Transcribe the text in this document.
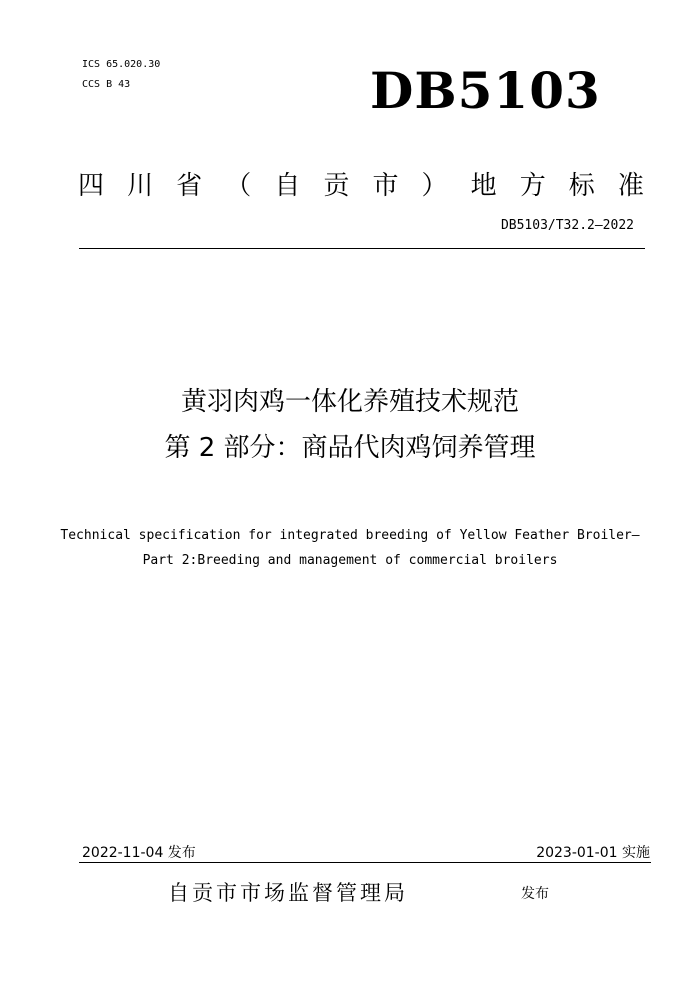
ICS 65.020.30
CCS B 43	DB5103
四 川 省 （ 自 贡 市 ） 地 方 标 准
DB5103/T32.2—2022
黄羽肉鸡一体化养殖技术规范
第 2 部分：商品代肉鸡饲养管理
Technical specification for integrated breeding of Yellow Feather Broiler—
Part 2:Breeding and management of commercial broilers
2022-11-04 发布	2023-01-01 实施
自贡市市场监督管理局	发布
